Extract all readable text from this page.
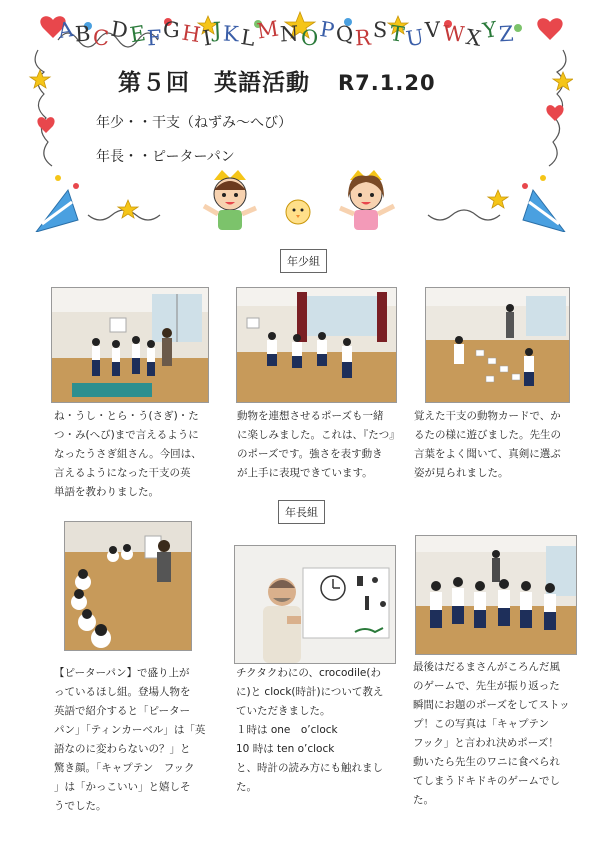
ABCDEFGHIJKLMNOPQRSTUVWXYZ
第５回　英語活動 R7.1.20
年少・・干支（ねずみ～へび）
年長・・ピーターパン
年少組
ね・うし・とら・う(さぎ)・た
つ・み(へび)まで言えるように
なったうさぎ組さん。今回は、
言えるようになった干支の英
単語を教わりました。
動物を連想させるポーズも一緒
に楽しみました。これは、『たつ』
のポーズです。強さを表す動き
が上手に表現できています。
覚えた干支の動物カードで、か
るたの様に遊びました。先生の
言葉をよく聞いて、真剣に選ぶ
姿が見られました。
年長組
【ピーターパン】で盛り上が
っているほし組。登場人物を
英語で紹介すると「ピーター
パン」「ティンカーベル」は「英
語なのに変わらないの？」と
驚き顔。「キャプテン　フック
」は「かっこいい」と嬉しそ
うでした。
チクタクわにの、crocodile(わ
に)と clock(時計)について教え
ていただきました。
１時は one　o’clock
10 時は ten o’clock
と、時計の読み方にも触れまし
た。
最後はだるまさんがころんだ風
のゲームで、先生が振り返った
瞬間にお題のポーズをしてストッ
プ！この写真は「キャプテン
フック」と言われ決めポーズ！
動いたら先生のワニに食べられ
てしまうドキドキのゲームでし
た。
